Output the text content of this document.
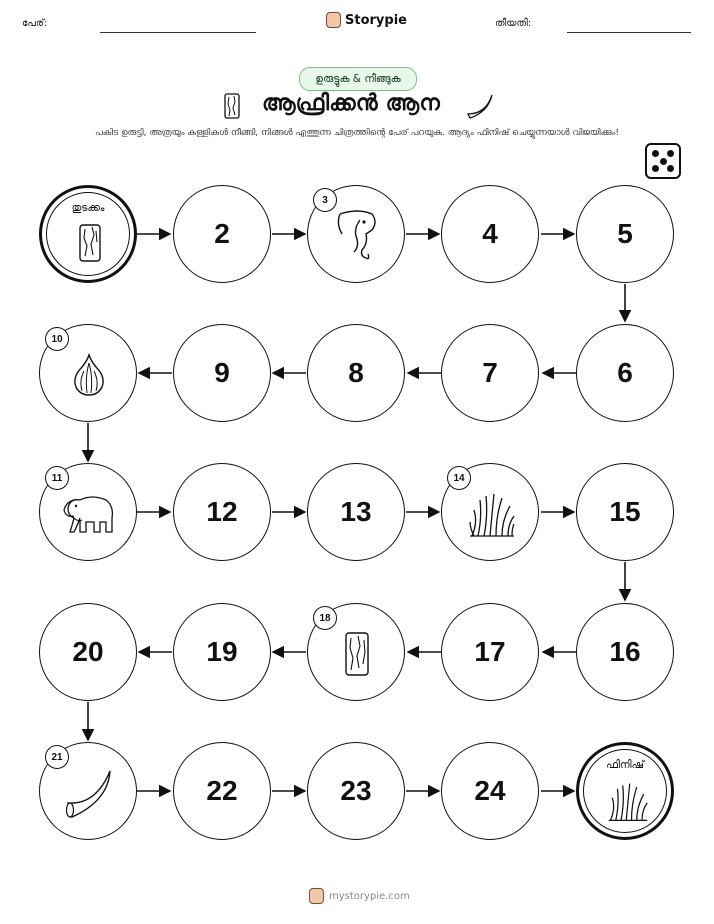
പേര്:	Storypie	തീയതി:
ഉരുട്ടുക & നീങ്ങുക
ആഫ്രിക്കൻ ആന
പകിട ഉരുട്ടി, അത്രയും കള്ളികൾ നീങ്ങി, നിങ്ങൾ എത്തുന്ന ചിത്രത്തിന്റെ പേര് പറയുക. ആദ്യം ഫിനിഷ് ചെയ്യുന്നയാൾ വിജയിക്കും!
തുടക്കം
2
3
4	5
6
7
8
9
10
11
12	13
14
15
16
17
18
19
20
21
22	23	24
ഫിനിഷ്
mystorypie.com
